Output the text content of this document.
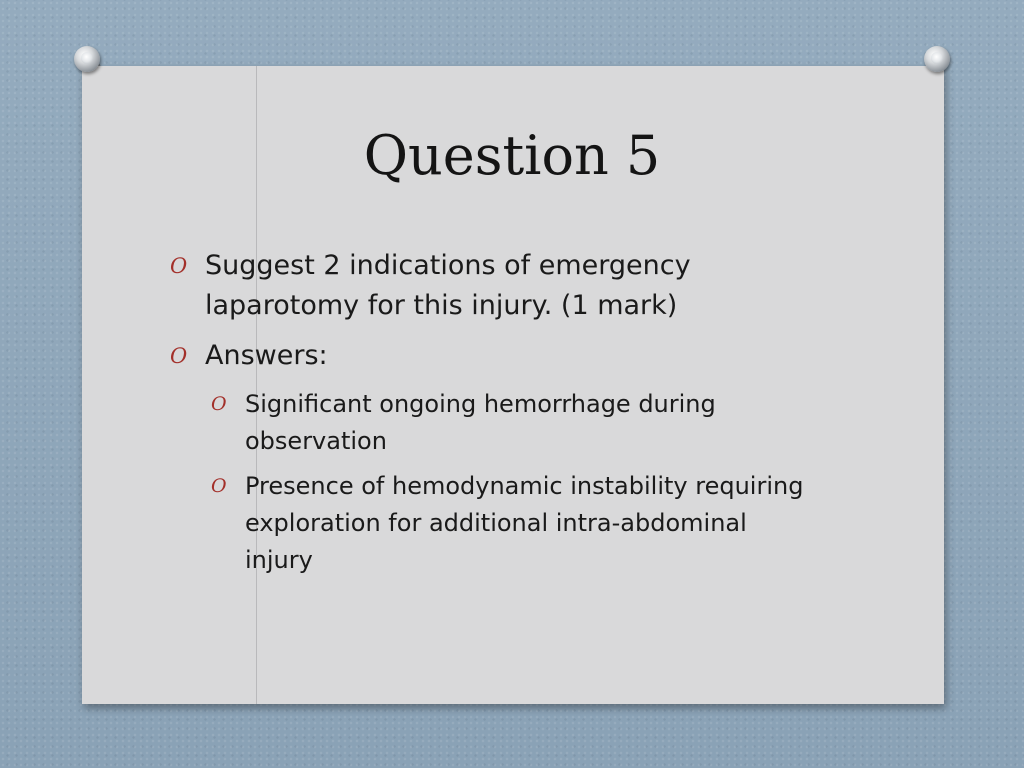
Question 5
O Suggest 2 indications of emergency laparotomy for this injury. (1 mark)
O Answers:
O Significant ongoing hemorrhage during observation
O Presence of hemodynamic instability requiring exploration for additional intra-abdominal injury
